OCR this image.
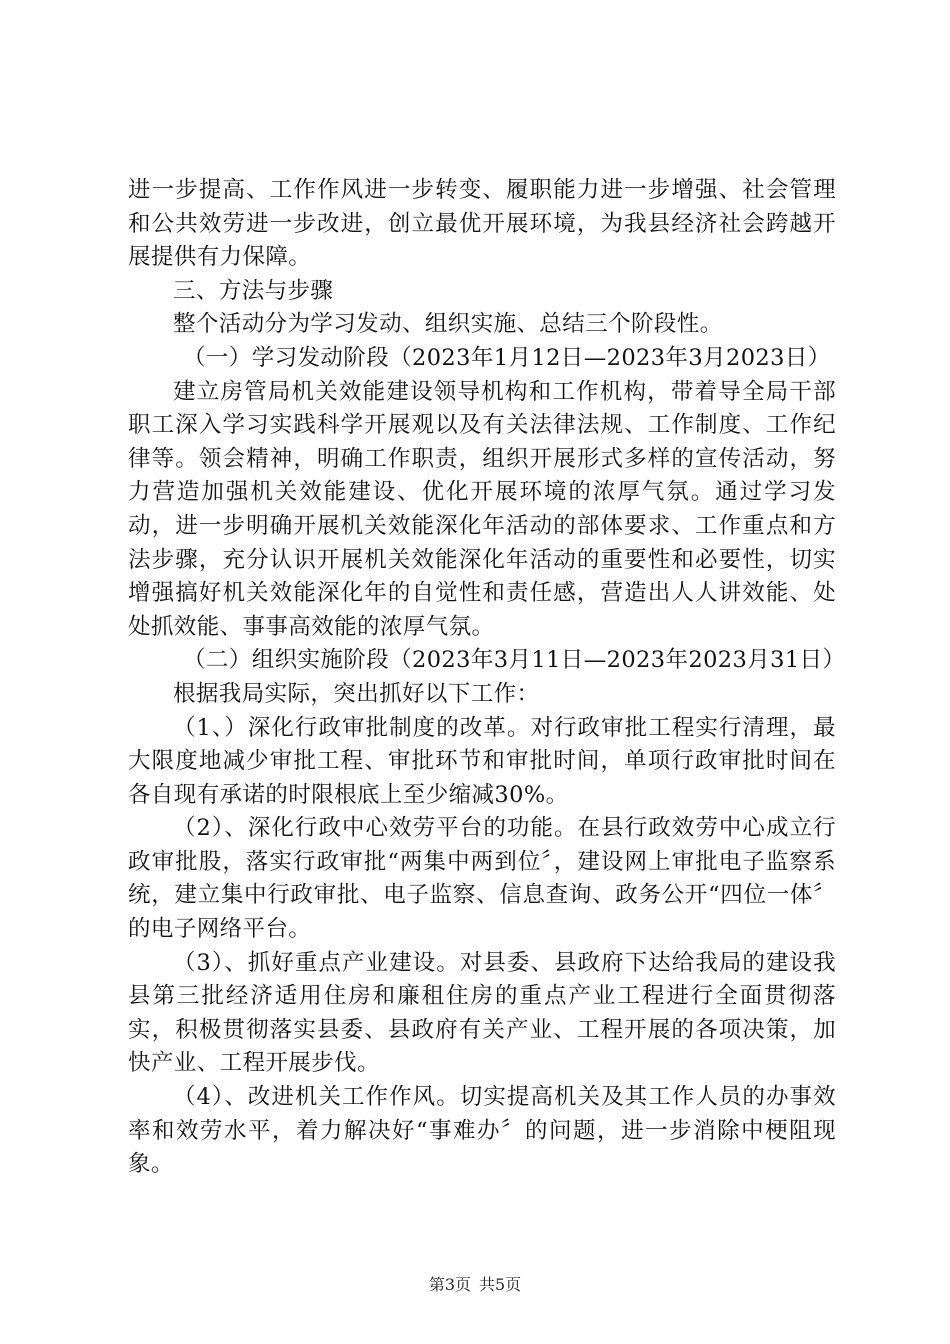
进一步提高、工作作风进一步转变、履职能力进一步增强、社会管理和公共效劳进一步改进，创立最优开展环境，为我县经济社会跨越开展提供有力保障。

三、方法与步骤

整个活动分为学习发动、组织实施、总结三个阶段性。

（一）学习发动阶段（2023年1月12日—2023年3月2023日）

建立房管局机关效能建设领导机构和工作机构，带着导全局干部职工深入学习实践科学开展观以及有关法律法规、工作制度、工作纪律等。领会精神，明确工作职责，组织开展形式多样的宣传活动，努力营造加强机关效能建设、优化开展环境的浓厚气氛。通过学习发动，进一步明确开展机关效能深化年活动的部体要求、工作重点和方法步骤，充分认识开展机关效能深化年活动的重要性和必要性，切实增强搞好机关效能深化年的自觉性和责任感，营造出人人讲效能、处处抓效能、事事高效能的浓厚气氛。

（二）组织实施阶段（2023年3月11日—2023年2023月31日）

根据我局实际，突出抓好以下工作：

（1、）深化行政审批制度的改革。对行政审批工程实行清理，最大限度地减少审批工程、审批环节和审批时间，单项行政审批时间在各自现有承诺的时限根底上至少缩减30%。

（2）、深化行政中心效劳平台的功能。在县行政效劳中心成立行政审批股，落实行政审批“两集中两到位〞，建设网上审批电子监察系统，建立集中行政审批、电子监察、信息查询、政务公开“四位一体〞的电子网络平台。

（3）、抓好重点产业建设。对县委、县政府下达给我局的建设我县第三批经济适用住房和廉租住房的重点产业工程进行全面贯彻落实，积极贯彻落实县委、县政府有关产业、工程开展的各项决策，加快产业、工程开展步伐。

（4）、改进机关工作作风。切实提高机关及其工作人员的办事效率和效劳水平，着力解决好“事难办〞的问题，进一步消除中梗阻现象。

第3页 共5页
